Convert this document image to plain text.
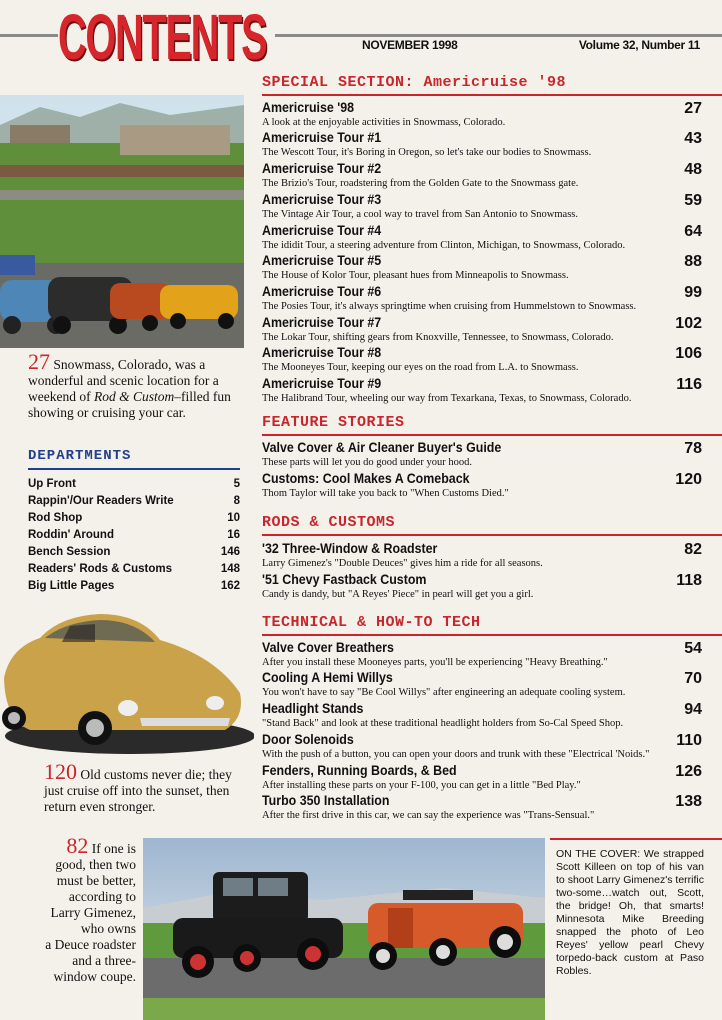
CONTENTS	NOVEMBER 1998	Volume 32, Number 11
27 Snowmass, Colorado, was a wonderful and scenic location for a weekend of Rod & Custom–filled fun showing or cruising your car.
DEPARTMENTS
Up Front	5
Rappin'/Our Readers Write	8
Rod Shop	10
Roddin' Around	16
Bench Session	146
Readers' Rods & Customs	148
Big Little Pages	162
120 Old customs never die; they just cruise off into the sunset, then return even stronger.
82 If one is
good, then two
must be better,
according to
Larry Gimenez,
who owns
a Deuce roadster
and a three-
window coupe.
ON THE COVER: We strapped Scott Killeen on top of his van to shoot Larry Gimenez's terrific two-some…watch out, Scott, the bridge! Oh, that smarts! Minnesota Mike Breeding snapped the photo of Leo Reyes' yellow pearl Chevy torpedo-back custom at Paso Robles.
SPECIAL SECTION: Americruise '98
Americruise '98
A look at the enjoyable activities in Snowmass, Colorado.
27
Americruise Tour #1
The Wescott Tour, it's Boring in Oregon, so let's take our bodies to Snowmass.
43
Americruise Tour #2
The Brizio's Tour, roadstering from the Golden Gate to the Snowmass gate.
48
Americruise Tour #3
The Vintage Air Tour, a cool way to travel from San Antonio to Snowmass.
59
Americruise Tour #4
The ididit Tour, a steering adventure from Clinton, Michigan, to Snowmass, Colorado.
64
Americruise Tour #5
The House of Kolor Tour, pleasant hues from Minneapolis to Snowmass.
88
Americruise Tour #6
The Posies Tour, it's always springtime when cruising from Hummelstown to Snowmass.
99
Americruise Tour #7
The Lokar Tour, shifting gears from Knoxville, Tennessee, to Snowmass, Colorado.
102
Americruise Tour #8
The Mooneyes Tour, keeping our eyes on the road from L.A. to Snowmass.
106
Americruise Tour #9
The Halibrand Tour, wheeling our way from Texarkana, Texas, to Snowmass, Colorado.
116
FEATURE STORIES
Valve Cover & Air Cleaner Buyer's Guide
These parts will let you do good under your hood.
78
Customs: Cool Makes A Comeback
Thom Taylor will take you back to "When Customs Died."
120
RODS & CUSTOMS
'32 Three-Window & Roadster
Larry Gimenez's "Double Deuces" gives him a ride for all seasons.
82
'51 Chevy Fastback Custom
Candy is dandy, but "A Reyes' Piece" in pearl will get you a girl.
118
TECHNICAL & HOW-TO TECH
Valve Cover Breathers
After you install these Mooneyes parts, you'll be experiencing "Heavy Breathing."
54
Cooling A Hemi Willys
You won't have to say "Be Cool Willys" after engineering an adequate cooling system.
70
Headlight Stands
"Stand Back" and look at these traditional headlight holders from So-Cal Speed Shop.
94
Door Solenoids
With the push of a button, you can open your doors and trunk with these "Electrical 'Noids."
110
Fenders, Running Boards, & Bed
After installing these parts on your F-100, you can get in a little "Bed Play."
126
Turbo 350 Installation
After the first drive in this car, we can say the experience was "Trans-Sensual."
138
